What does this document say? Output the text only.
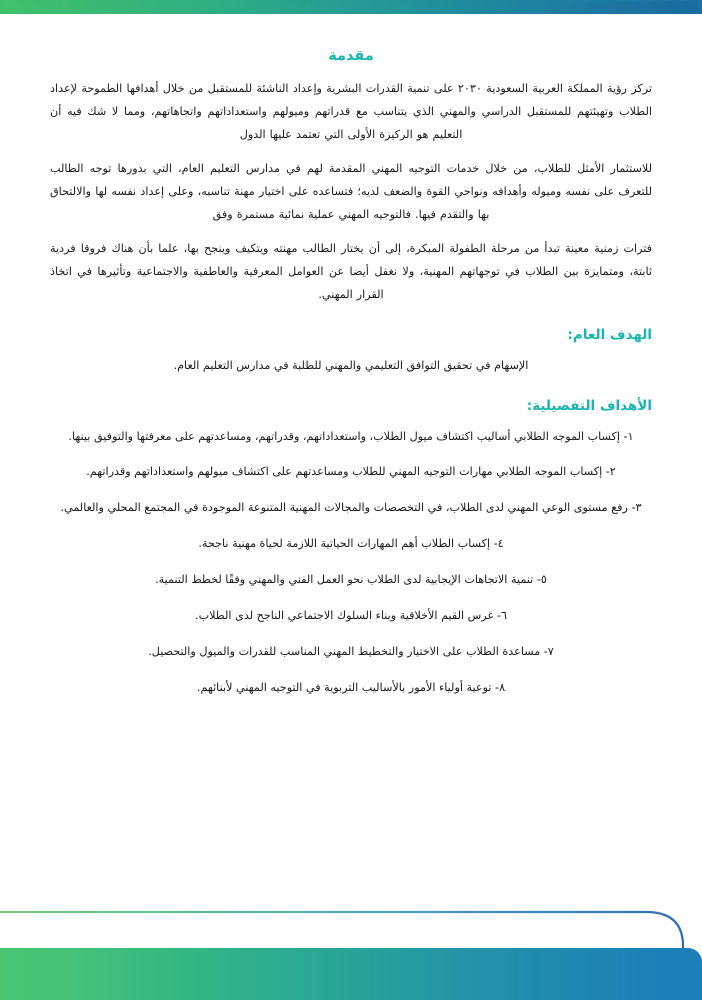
مقدمة

تركز رؤية المملكة العربية السعودية ٢٠٣٠ على تنمية القدرات البشرية وإعداد الناشئة للمستقبل من خلال أهدافها الطموحة لإعداد الطلاب وتهيئتهم للمستقبل الدراسي والمهني الذي يتناسب مع قدراتهم وميولهم واستعداداتهم واتجاهاتهم، ومما لا شك فيه أن التعليم هو الركيزة الأولى التي تعتمد عليها الدول

للاستثمار الأمثل للطلاب، من خلال خدمات التوجيه المهني المقدمة لهم في مدارس التعليم العام، التي بدورها توجه الطالب للتعرف على نفسه وميوله وأهدافه ونواحي القوة والضعف لديه؛ فتساعده على اختيار مهنة تناسبه، وعلى إعداد نفسه لها والالتحاق بها والتقدم فيها. فالتوجيه المهني عملية نمائية مستمرة وفق

فترات زمنية معينة تبدأ من مرحلة الطفولة المبكرة، إلى أن يختار الطالب مهنته ويتكيف وينجح بها، علما بأن هناك فروقا فردية ثابتة، ومتمايزة بين الطلاب في توجهاتهم المهنية، ولا نغفل أيضا عن العوامل المعرفية والعاطفية والاجتماعية وتأثيرها في اتخاذ القرار المهني.

الهدف العام:

الإسهام في تحقيق التوافق التعليمي والمهني للطلبة في مدارس التعليم العام.

الأهداف التفصيلية:
١- إكساب الموجه الطلابي أساليب اكتشاف ميول الطلاب، واستعداداتهم، وقدراتهم، ومساعدتهم على معرفتها والتوفيق بينها.
٢- إكساب الموجه الطلابي مهارات التوجيه المهني للطلاب ومساعدتهم على اكتشاف ميولهم واستعداداتهم وقدراتهم.
٣- رفع مستوى الوعي المهني لدى الطلاب، في التخصصات والمجالات المهنية المتنوعة الموجودة في المجتمع المحلي والعالمي.
٤- إكساب الطلاب أهم المهارات الحياتية اللازمة لحياة مهنية ناجحة.
٥- تنمية الاتجاهات الإيجابية لدى الطلاب نحو العمل الفني والمهني وفقًا لخطط التنمية.
٦- غرس القيم الأخلاقية وبناء السلوك الاجتماعي الناجح لدى الطلاب.
٧- مساعدة الطلاب على الاختيار والتخطيط المهني المناسب للقدرات والميول والتحصيل.
٨- توعية أولياء الأمور بالأساليب التربوية في التوجيه المهني لأبنائهم.
